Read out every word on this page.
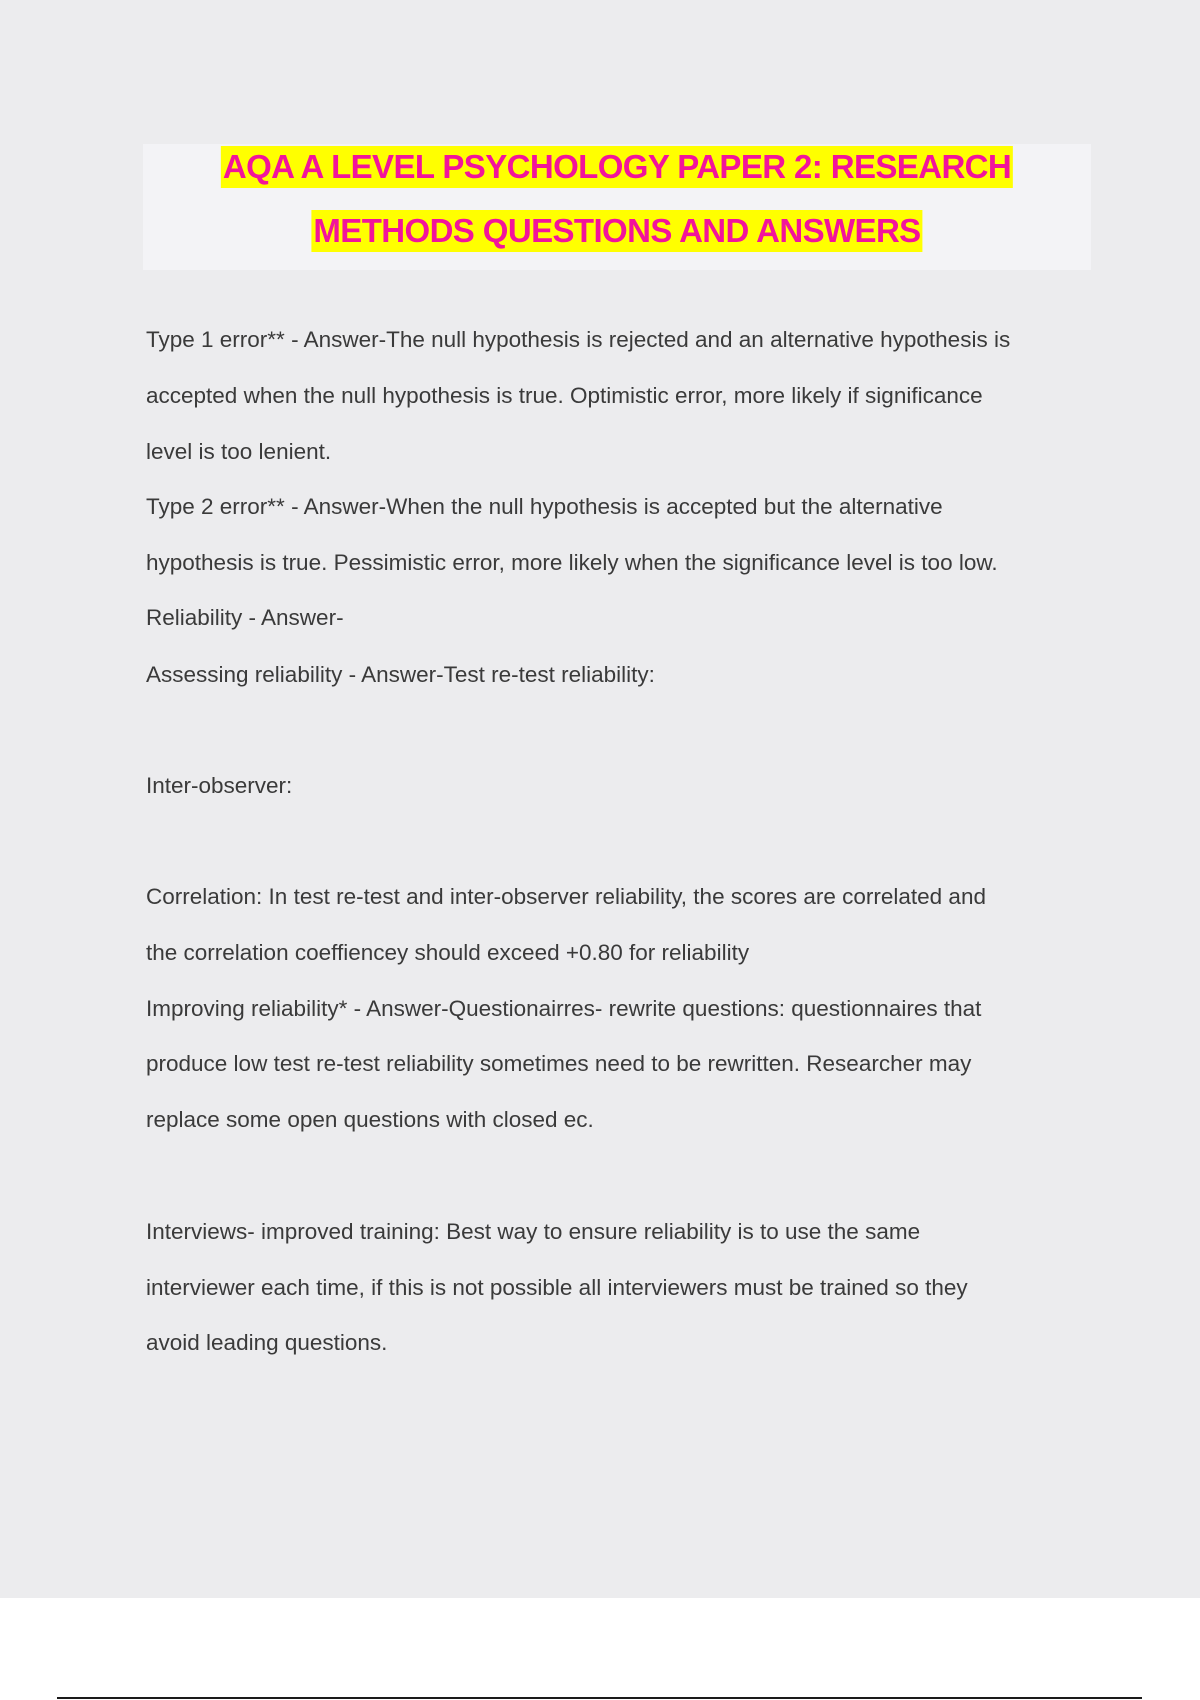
AQA A LEVEL PSYCHOLOGY PAPER 2: RESEARCH
METHODS QUESTIONS AND ANSWERS
Type 1 error** - Answer-The null hypothesis is rejected and an alternative hypothesis is
accepted when the null hypothesis is true. Optimistic error, more likely if significance
level is too lenient.
Type 2 error** - Answer-When the null hypothesis is accepted but the alternative
hypothesis is true. Pessimistic error, more likely when the significance level is too low.
Reliability - Answer-
Assessing reliability - Answer-Test re-test reliability:
Inter-observer:
Correlation: In test re-test and inter-observer reliability, the scores are correlated and
the correlation coeffiencey should exceed +0.80 for reliability
Improving reliability* - Answer-Questionairres- rewrite questions: questionnaires that
produce low test re-test reliability sometimes need to be rewritten. Researcher may
replace some open questions with closed ec.
Interviews- improved training: Best way to ensure reliability is to use the same
interviewer each time, if this is not possible all interviewers must be trained so they
avoid leading questions.
